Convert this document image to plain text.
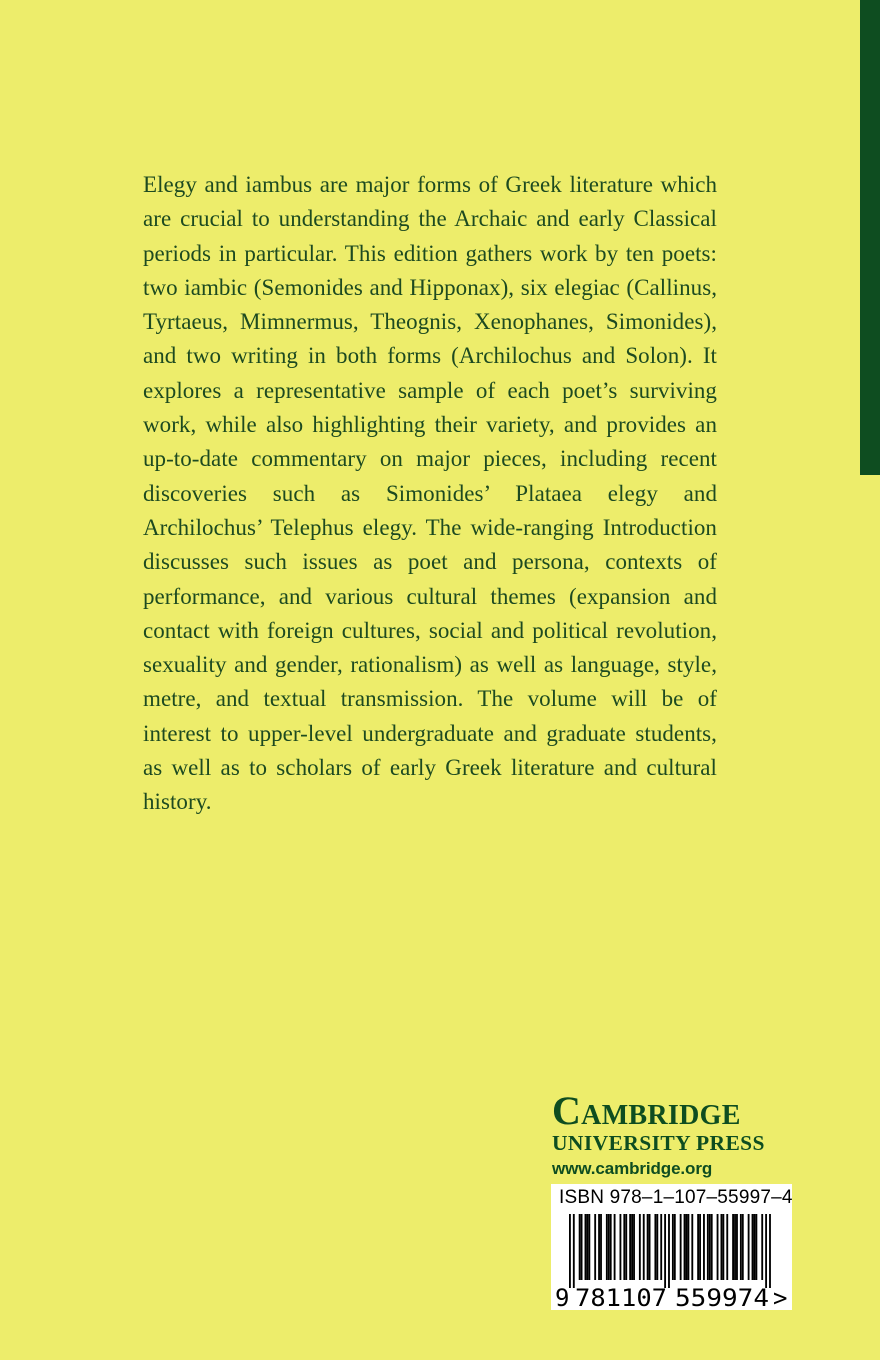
Elegy and iambus are major forms of Greek literature which are crucial to understanding the Archaic and early Classical periods in particular. This edition gathers work by ten poets: two iambic (Semonides and Hipponax), six elegiac (Callinus, Tyrtaeus, Mimnermus, Theognis, Xenophanes, Simonides), and two writing in both forms (Archilochus and Solon). It explores a representative sample of each poet’s surviving work, while also highlighting their variety, and provides an up-to-date commentary on major pieces, including recent discoveries such as Simonides’ Plataea elegy and Archilochus’ Telephus elegy. The wide-ranging Introduction discusses such issues as poet and persona, contexts of performance, and various cultural themes (expansion and contact with foreign cultures, social and political revolution, sexuality and gender, rationalism) as well as language, style, metre, and textual transmission. The volume will be of interest to upper-level undergraduate and graduate students, as well as to scholars of early Greek literature and cultural history.

Cambridge
UNIVERSITY PRESS
www.cambridge.org
ISBN 978–1–107–55997–4
9 781107 559974 >
